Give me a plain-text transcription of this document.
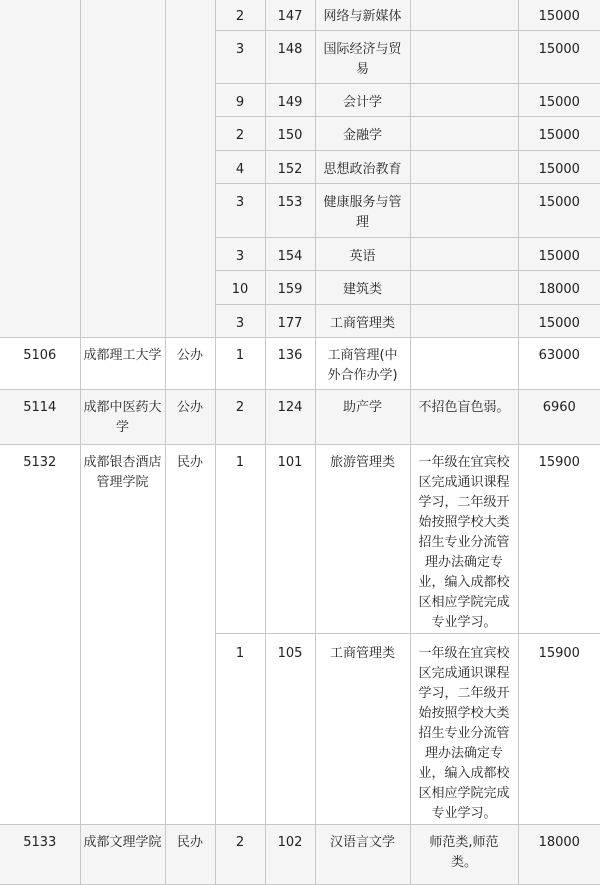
			2	147	网络与新媒体		15000
			3	148	国际经济与贸易		15000
			9	149	会计学		15000
			2	150	金融学		15000
			4	152	思想政治教育		15000
			3	153	健康服务与管理		15000
			3	154	英语		15000
			10	159	建筑类		18000
			3	177	工商管理类		15000
5106	成都理工大学	公办	1	136	工商管理(中外合作办学)		63000
5114	成都中医药大学	公办	2	124	助产学	不招色盲色弱。	6960
5132	成都银杏酒店管理学院	民办	1	101	旅游管理类	一年级在宜宾校区完成通识课程学习，二年级开始按照学校大类招生专业分流管理办法确定专业，编入成都校区相应学院完成专业学习。	15900
			1	105	工商管理类	一年级在宜宾校区完成通识课程学习，二年级开始按照学校大类招生专业分流管理办法确定专业，编入成都校区相应学院完成专业学习。	15900
5133	成都文理学院	民办	2	102	汉语言文学	师范类,师范类。	18000
